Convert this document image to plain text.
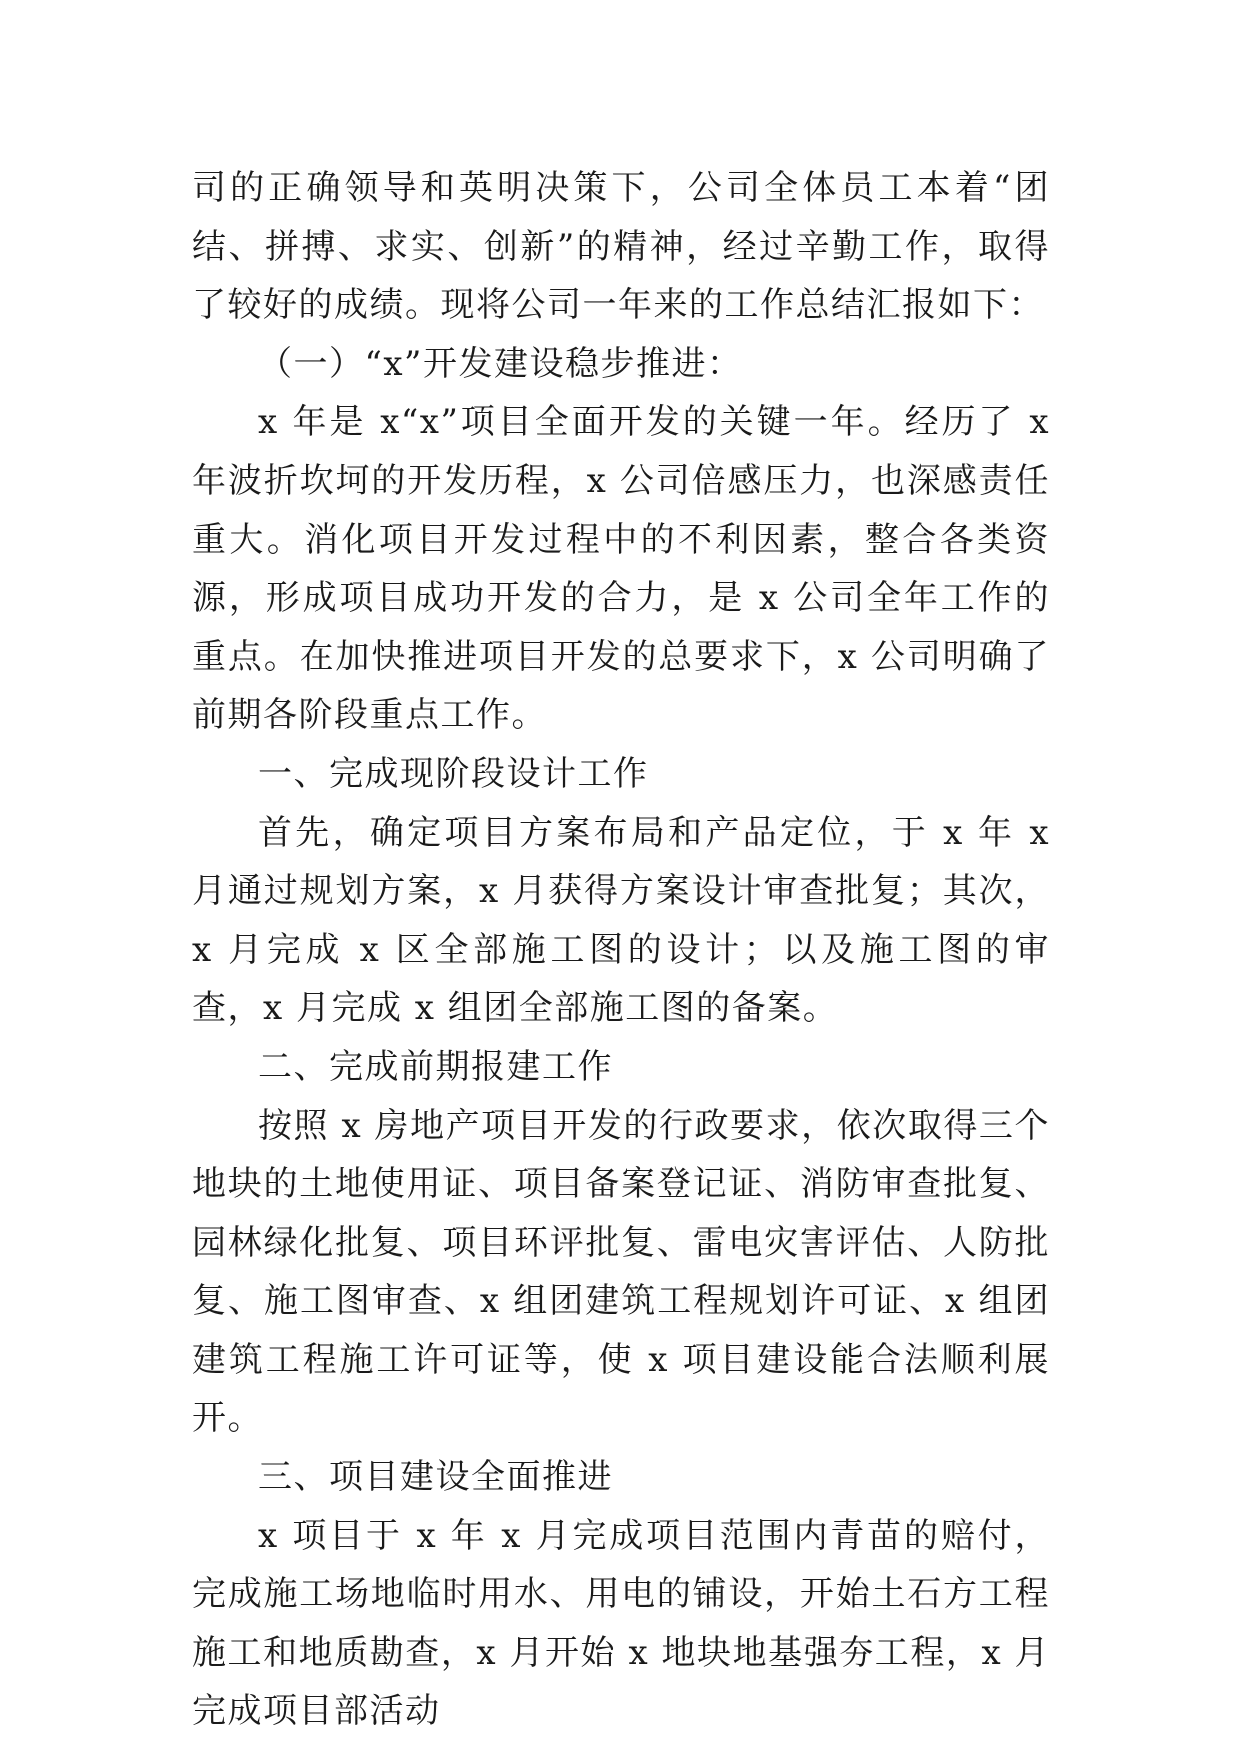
司的正确领导和英明决策下，公司全体员工本着“团结、拼搏、求实、创新”的精神，经过辛勤工作，取得了较好的成绩。现将公司一年来的工作总结汇报如下：

（一）“x”开发建设稳步推进：

x 年是 x“x”项目全面开发的关键一年。经历了 x 年波折坎坷的开发历程，x 公司倍感压力，也深感责任重大。消化项目开发过程中的不利因素，整合各类资源，形成项目成功开发的合力，是 x 公司全年工作的重点。在加快推进项目开发的总要求下，x 公司明确了前期各阶段重点工作。

一、完成现阶段设计工作

首先，确定项目方案布局和产品定位，于 x 年 x 月通过规划方案，x 月获得方案设计审查批复；其次，x 月完成 x 区全部施工图的设计；以及施工图的审查，x 月完成 x 组团全部施工图的备案。

二、完成前期报建工作

按照 x 房地产项目开发的行政要求，依次取得三个地块的土地使用证、项目备案登记证、消防审查批复、园林绿化批复、项目环评批复、雷电灾害评估、人防批复、施工图审查、x 组团建筑工程规划许可证、x 组团建筑工程施工许可证等，使 x 项目建设能合法顺利展开。

三、项目建设全面推进

x 项目于 x 年 x 月完成项目范围内青苗的赔付，完成施工场地临时用水、用电的铺设，开始土石方工程施工和地质勘查，x 月开始 x 地块地基强夯工程，x 月完成项目部活动
